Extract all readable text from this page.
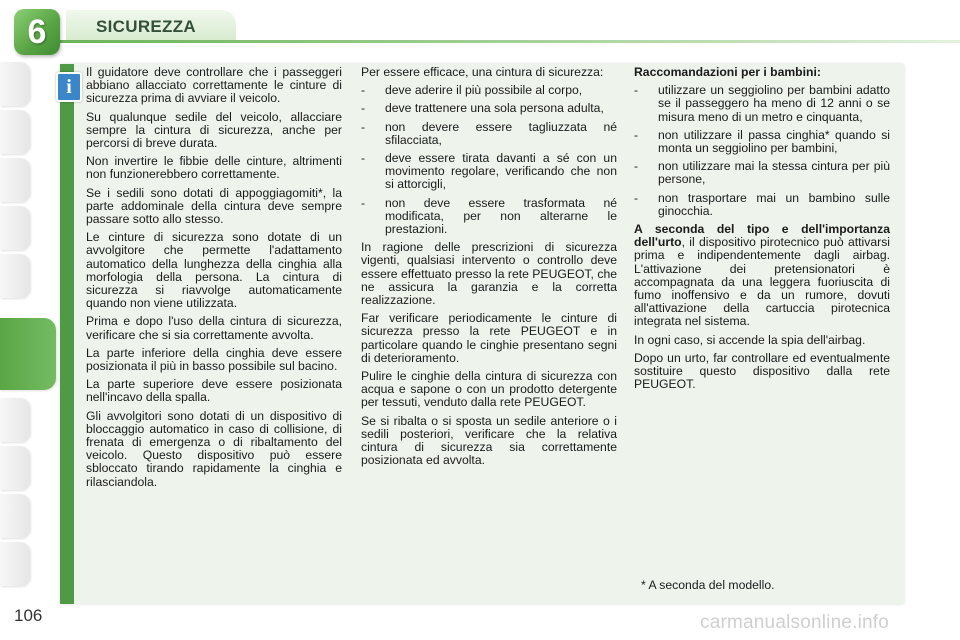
6	SICUREZZA
i

Il guidatore deve controllare che i passeggeri abbiano allacciato correttamente le cinture di sicurezza prima di avviare il veicolo.

Su qualunque sedile del veicolo, allacciare sempre la cintura di sicurezza, anche per percorsi di breve durata.

Non invertire le fibbie delle cinture, altrimenti non funzionerebbero correttamente.

Se i sedili sono dotati di appoggiagomiti*, la parte addominale della cintura deve sempre passare sotto allo stesso.

Le cinture di sicurezza sono dotate di un avvolgitore che permette l'adattamento automatico della lunghezza della cinghia alla morfologia della persona. La cintura di sicurezza si riavvolge automaticamente quando non viene utilizzata.

Prima e dopo l'uso della cintura di sicurezza, verificare che si sia correttamente avvolta.

La parte inferiore della cinghia deve essere posizionata il più in basso possibile sul bacino.

La parte superiore deve essere posizionata nell'incavo della spalla.

Gli avvolgitori sono dotati di un dispositivo di bloccaggio automatico in caso di collisione, di frenata di emergenza o di ribaltamento del veicolo. Questo dispositivo può essere sbloccato tirando rapidamente la cinghia e rilasciandola.

Per essere efficace, una cintura di sicurezza:

- deve aderire il più possibile al corpo,
- deve trattenere una sola persona adulta,
- non devere essere tagliuzzata né sfilacciata,
- deve essere tirata davanti a sé con un movimento regolare, verificando che non si attorcigli,
- non deve essere trasformata né modificata, per non alterarne le prestazioni.

In ragione delle prescrizioni di sicurezza vigenti, qualsiasi intervento o controllo deve essere effettuato presso la rete PEUGEOT, che ne assicura la garanzia e la corretta realizzazione.

Far verificare periodicamente le cinture di sicurezza presso la rete PEUGEOT e in particolare quando le cinghie presentano segni di deterioramento.

Pulire le cinghie della cintura di sicurezza con acqua e sapone o con un prodotto detergente per tessuti, venduto dalla rete PEUGEOT.

Se si ribalta o si sposta un sedile anteriore o i sedili posteriori, verificare che la relativa cintura di sicurezza sia correttamente posizionata ed avvolta.

Raccomandazioni per i bambini:

- utilizzare un seggiolino per bambini adatto se il passeggero ha meno di 12 anni o se misura meno di un metro e cinquanta,
- non utilizzare il passa cinghia* quando si monta un seggiolino per bambini,
- non utilizzare mai la stessa cintura per più persone,
- non trasportare mai un bambino sulle ginocchia.

A seconda del tipo e dell'importanza dell'urto, il dispositivo pirotecnico può attivarsi prima e indipendentemente dagli airbag. L'attivazione dei pretensionatori è accompagnata da una leggera fuoriuscita di fumo inoffensivo e da un rumore, dovuti all'attivazione della cartuccia pirotecnica integrata nel sistema.

In ogni caso, si accende la spia dell'airbag.

Dopo un urto, far controllare ed eventualmente sostituire questo dispositivo dalla rete PEUGEOT.

* A seconda del modello.
106	carmanualsonline.info
